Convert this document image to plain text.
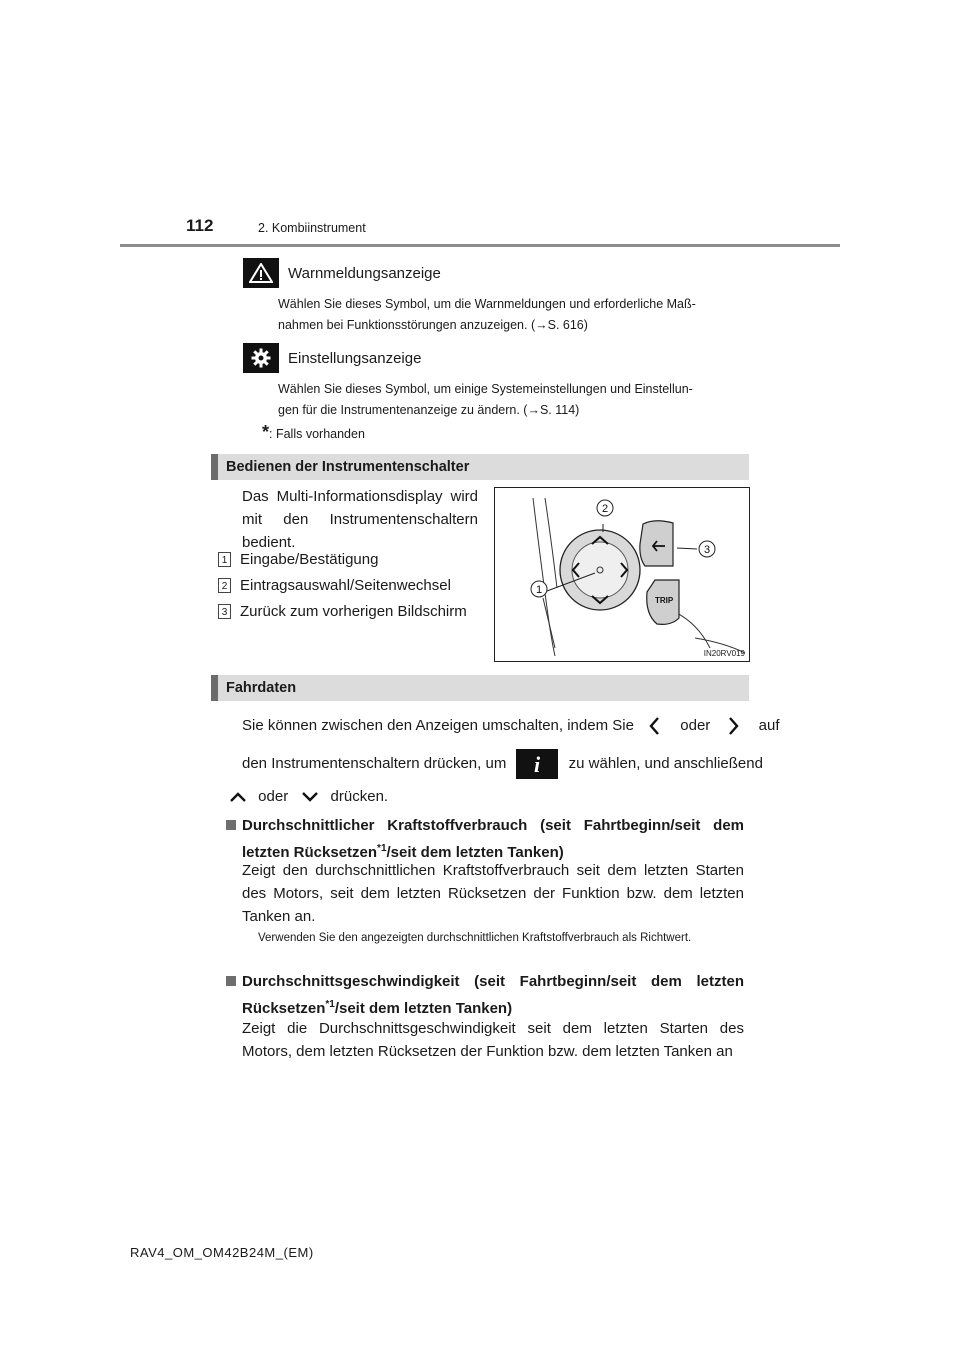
112	2. Kombiinstrument
Warnmeldungsanzeige
Wählen Sie dieses Symbol, um die Warnmeldungen und erforderliche Maß-
nahmen bei Funktionsstörungen anzuzeigen. (→S. 616)
Einstellungsanzeige
Wählen Sie dieses Symbol, um einige Systemeinstellungen und Einstellun-
gen für die Instrumentenanzeige zu ändern. (→S. 114)
*: Falls vorhanden
Bedienen der Instrumentenschalter
Das Multi-Informationsdisplay wird
mit den Instrumentenschaltern
bedient.
1 Eingabe/Bestätigung
2 Eintragsauswahl/Seitenwechsel
3 Zurück zum vorherigen Bildschirm
TRIP
1
2
3
IN20RV019
Fahrdaten
Sie können zwischen den Anzeigen umschalten, indem Sie	oder	auf
den Instrumentenschaltern drücken, um i zu wählen, und anschließend
oder	drücken.
Durchschnittlicher Kraftstoffverbrauch (seit Fahrtbeginn/seit dem
letzten Rücksetzen$^{*1}$/seit dem letzten Tanken)
Zeigt den durchschnittlichen Kraftstoffverbrauch seit dem letzten Starten des Motors, seit dem letzten Rücksetzen der Funktion bzw. dem letzten Tanken an.
Verwenden Sie den angezeigten durchschnittlichen Kraftstoffverbrauch als Richtwert.
Durchschnittsgeschwindigkeit (seit Fahrtbeginn/seit dem letzten
Rücksetzen$^{*1}$/seit dem letzten Tanken)
Zeigt die Durchschnittsgeschwindigkeit seit dem letzten Starten des Motors, dem letzten Rücksetzen der Funktion bzw. dem letzten Tanken an
RAV4_OM_OM42B24M_(EM)
